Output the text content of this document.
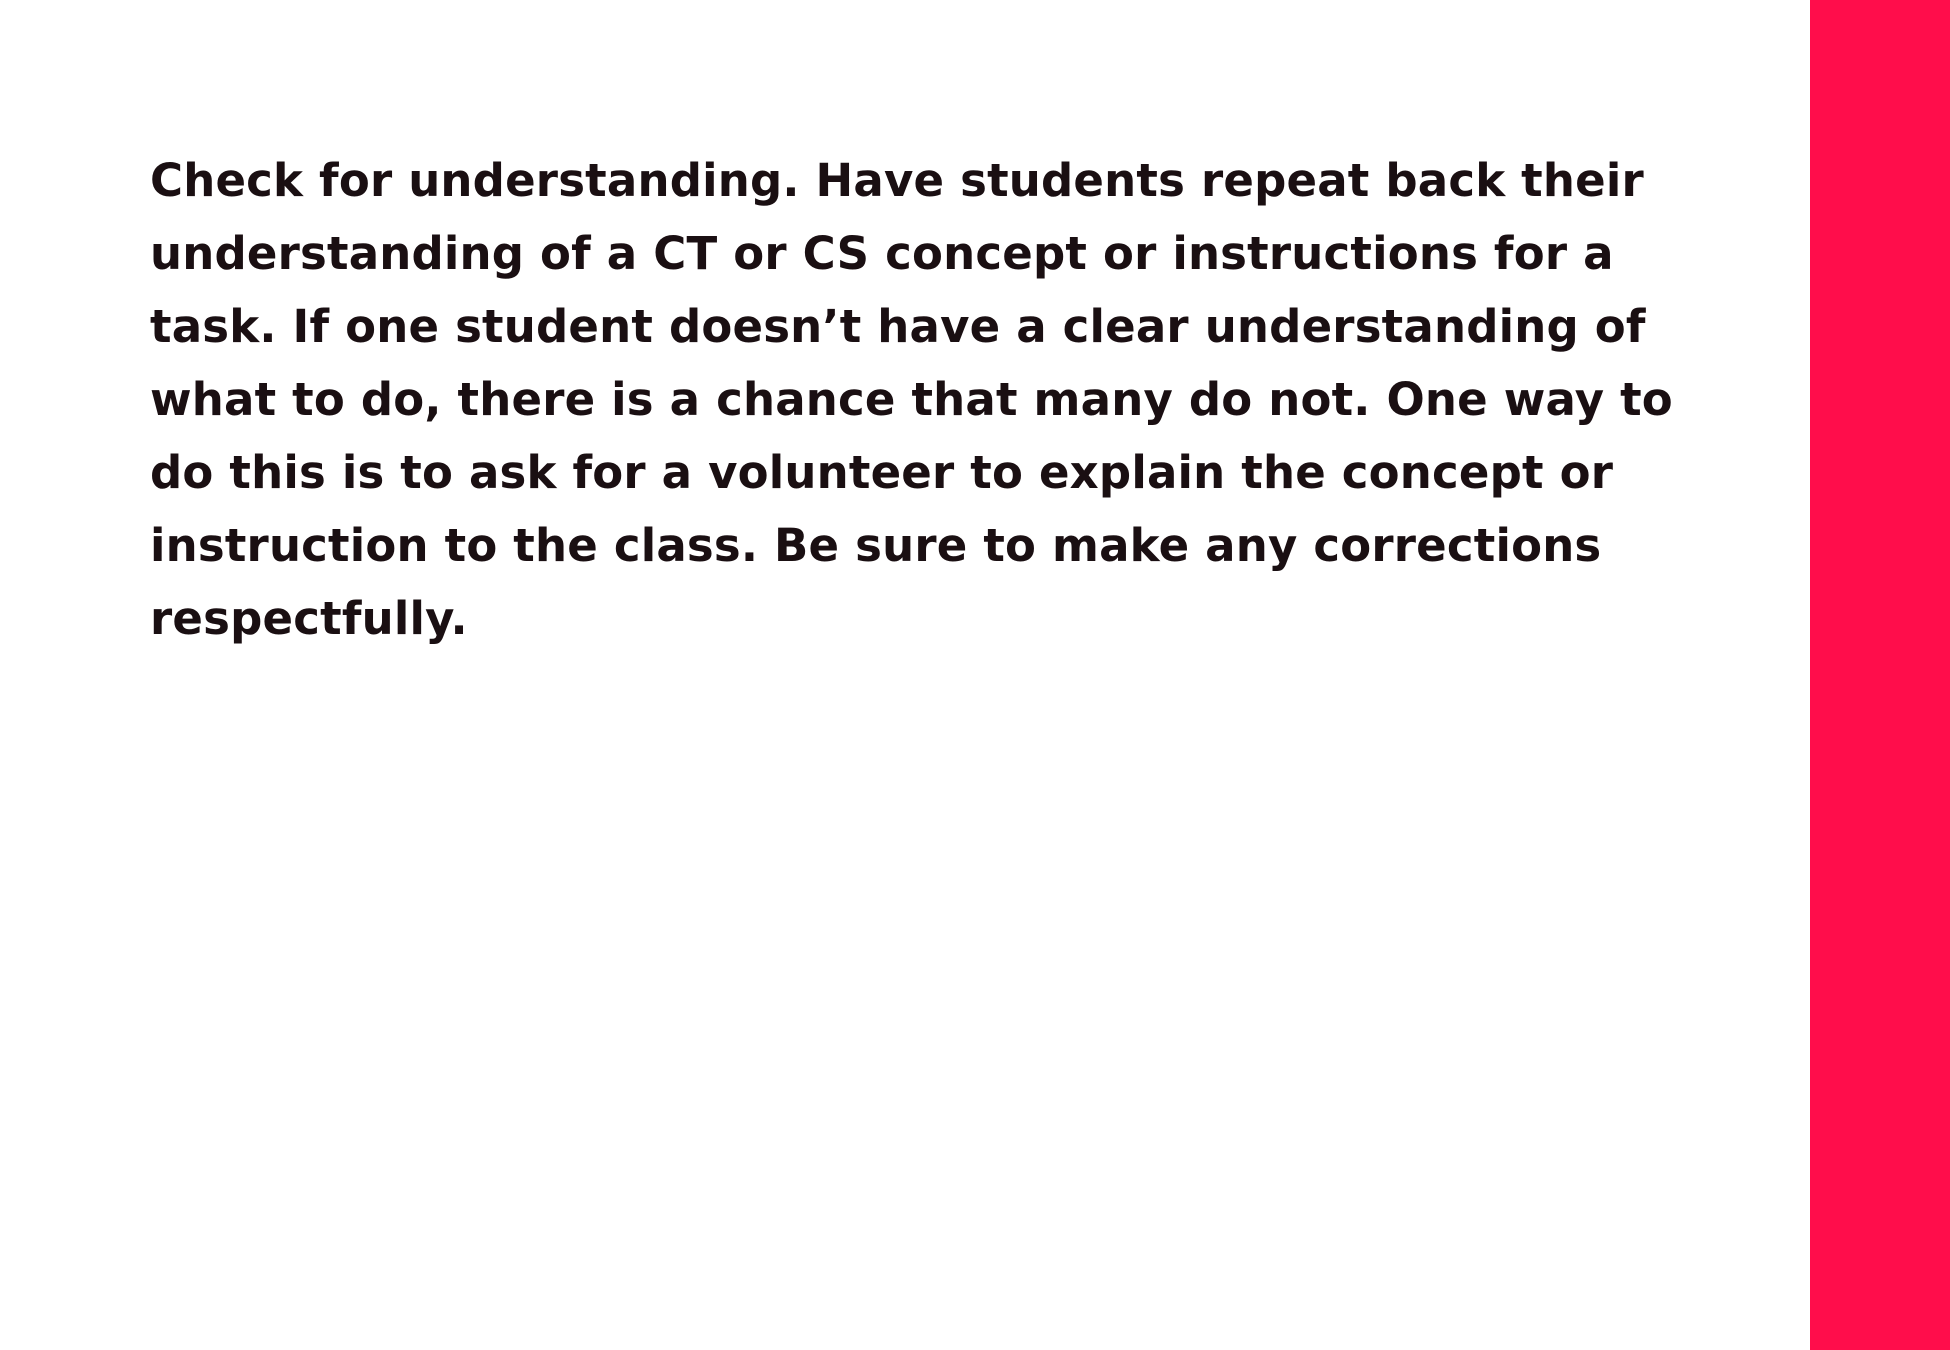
Check for understanding. Have students repeat back their
understanding of a CT or CS concept or instructions for a
task. If one student doesn’t have a clear understanding of
what to do, there is a chance that many do not. One way to
do this is to ask for a volunteer to explain the concept or
instruction to the class. Be sure to make any corrections
respectfully.
